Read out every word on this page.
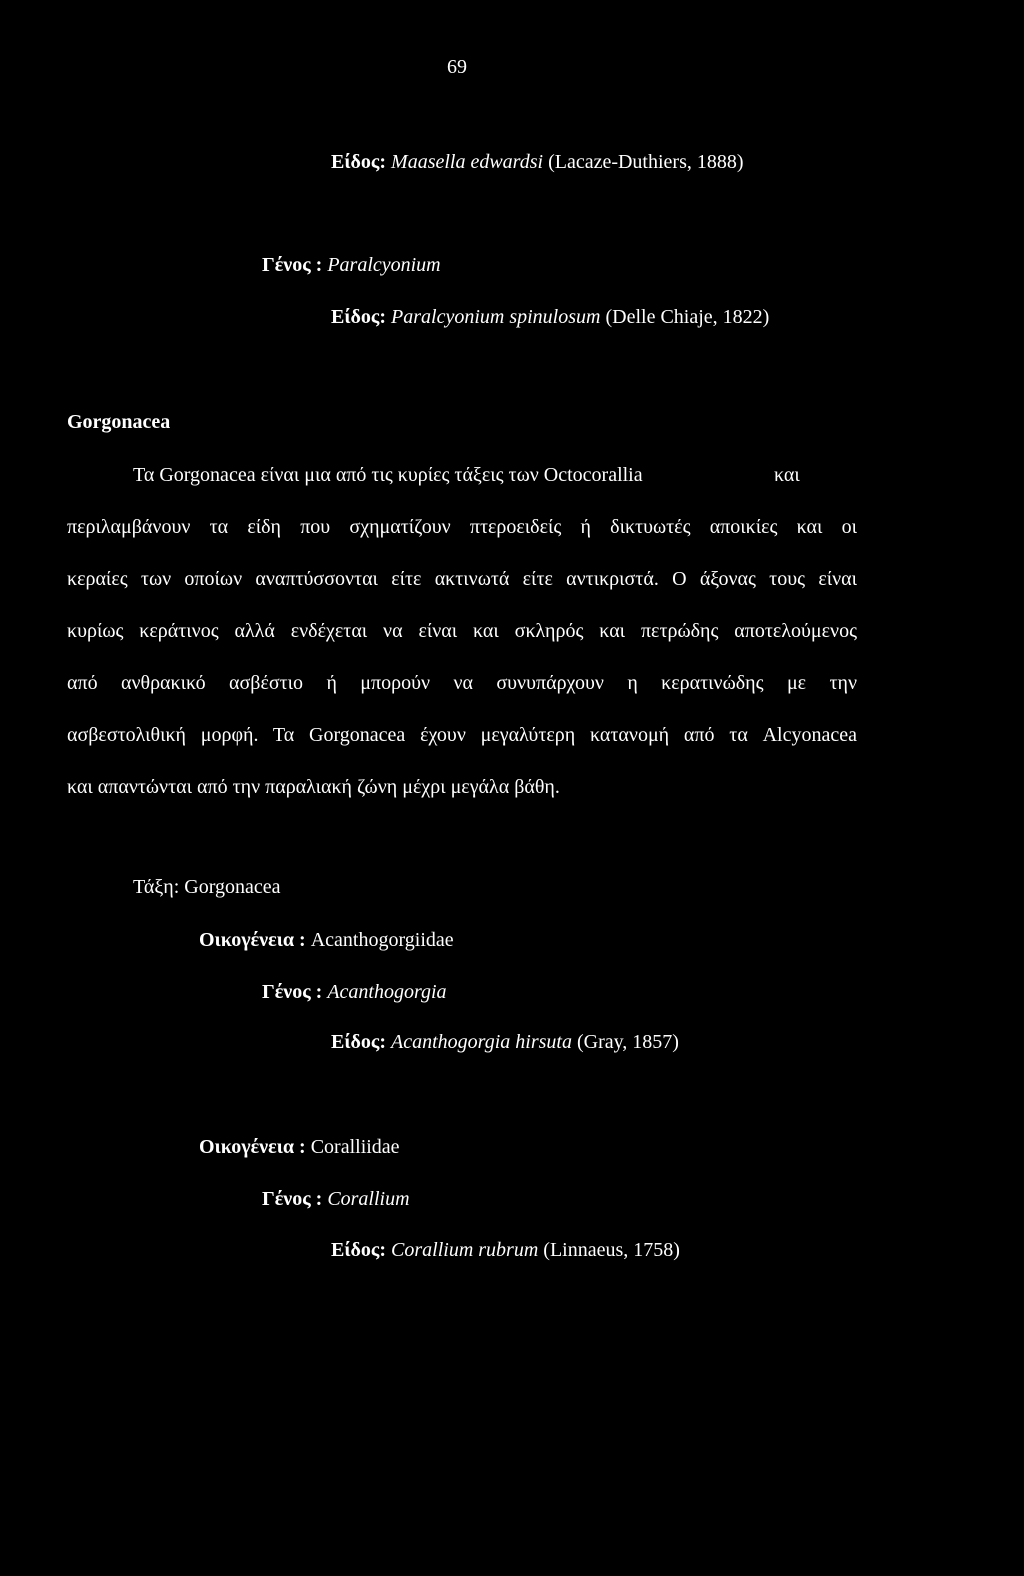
69
Είδος: Maasella edwardsi (Lacaze-Duthiers, 1888)
Γένος : Paralcyonium
Είδος: Paralcyonium spinulosum (Delle Chiaje, 1822)
Gorgonacea
Τα Gorgonacea είναι μια από τις κυρίες τάξεις των Octocorallia	και
περιλαμβάνουν τα είδη που σχηματίζουν πτεροειδείς ή δικτυωτές αποικίες και οι
κεραίες των οποίων αναπτύσσονται είτε ακτινωτά είτε αντικριστά. Ο άξονας τους είναι
κυρίως κεράτινος αλλά ενδέχεται να είναι και σκληρός και πετρώδης αποτελούμενος
από ανθρακικό ασβέστιο ή μπορούν να συνυπάρχουν η κερατινώδης με την
ασβεστολιθική μορφή. Τα Gorgonacea έχουν μεγαλύτερη κατανομή από τα Alcyonacea
και απαντώνται από την παραλιακή ζώνη μέχρι μεγάλα βάθη.
Τάξη: Gorgonacea
Οικογένεια : Acanthogorgiidae
Γένος : Acanthogorgia
Είδος: Acanthogorgia hirsuta (Gray, 1857)
Οικογένεια : Coralliidae
Γένος : Corallium
Είδος: Corallium rubrum (Linnaeus, 1758)
